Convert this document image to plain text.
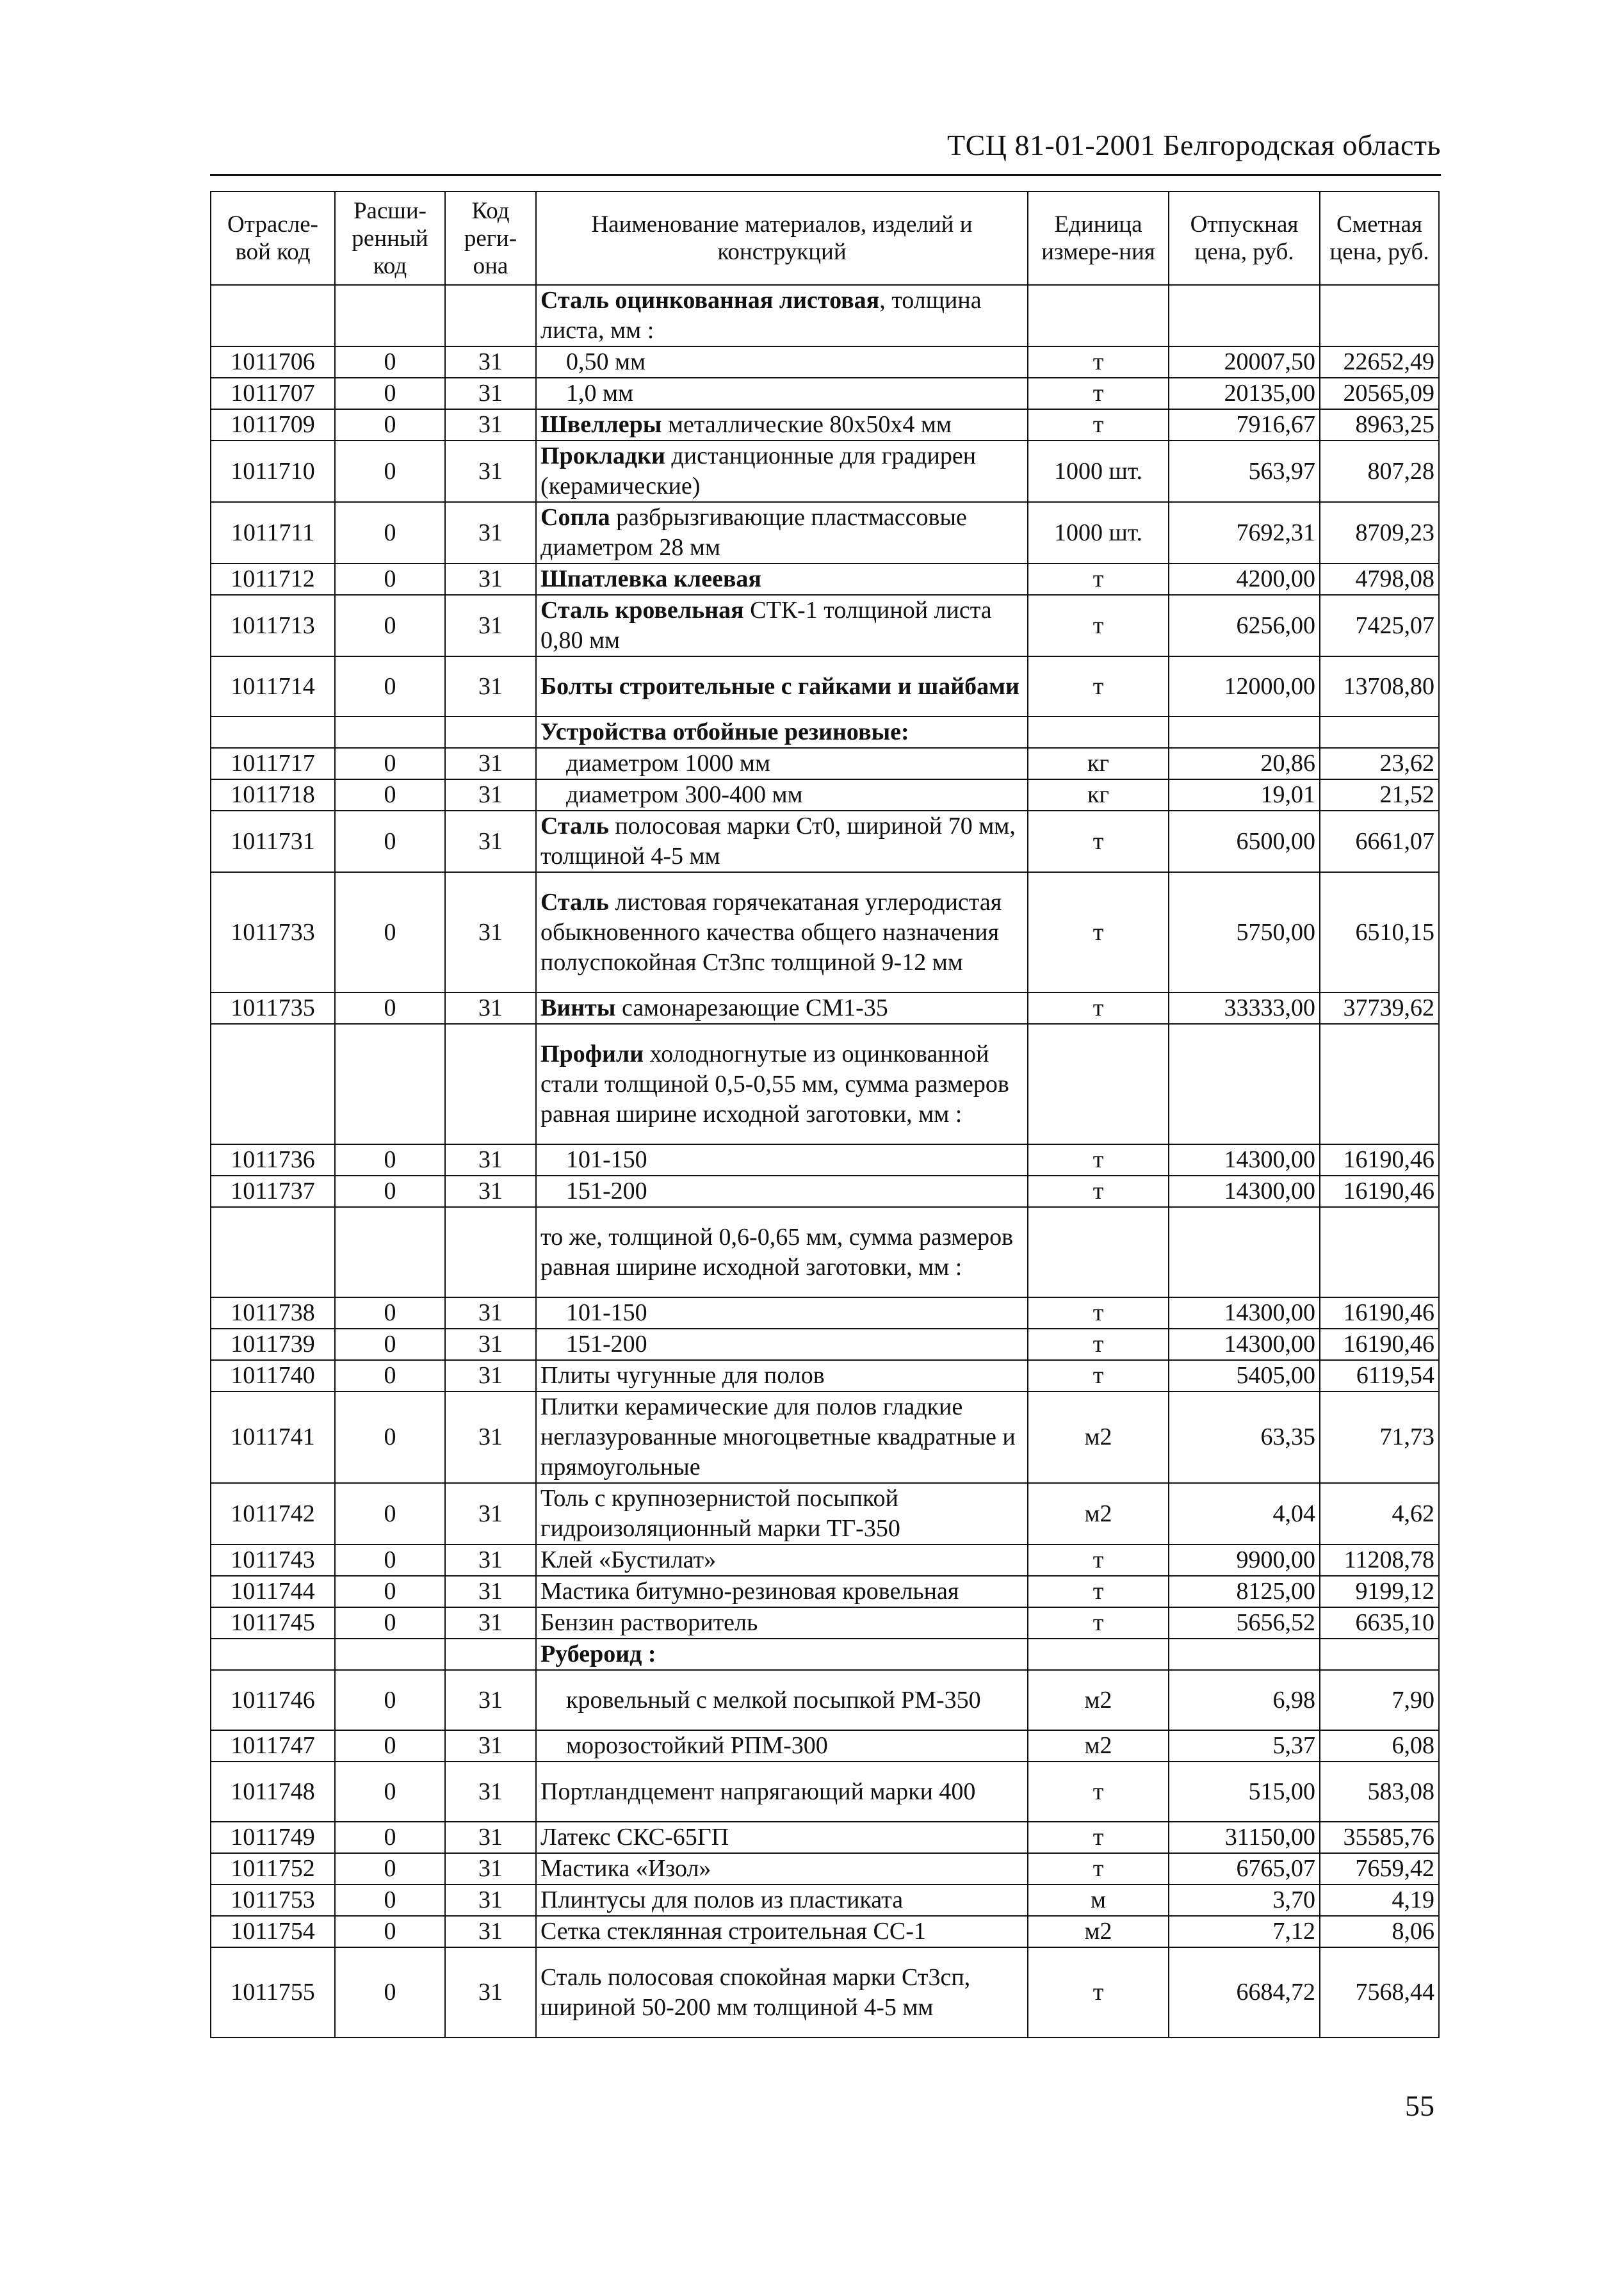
ТСЦ 81-01-2001 Белгородская область
Отрасле-вой код	Расши-ренный код	Код реги-она	Наименование материалов, изделий и конструкций	Единица измере-ния	Отпускная цена, руб.	Сметная цена, руб.
			Сталь оцинкованная листовая, толщина листа, мм :			
1011706	0	31	0,50 мм	т	20007,50	22652,49
1011707	0	31	1,0 мм	т	20135,00	20565,09
1011709	0	31	Швеллеры металлические 80х50х4 мм	т	7916,67	8963,25
1011710	0	31	Прокладки дистанционные для градирен (керамические)	1000 шт.	563,97	807,28
1011711	0	31	Сопла разбрызгивающие пластмассовые диаметром 28 мм	1000 шт.	7692,31	8709,23
1011712	0	31	Шпатлевка клеевая	т	4200,00	4798,08
1011713	0	31	Сталь кровельная СТК-1 толщиной листа 0,80 мм	т	6256,00	7425,07
1011714	0	31	Болты строительные с гайками и шайбами	т	12000,00	13708,80
			Устройства отбойные резиновые:			
1011717	0	31	диаметром 1000 мм	кг	20,86	23,62
1011718	0	31	диаметром 300-400 мм	кг	19,01	21,52
1011731	0	31	Сталь полосовая марки Ст0, шириной 70 мм, толщиной 4-5 мм	т	6500,00	6661,07
1011733	0	31	Сталь листовая горячекатаная углеродистая обыкновенного качества общего назначения полуспокойная Ст3пс толщиной 9-12 мм	т	5750,00	6510,15
1011735	0	31	Винты самонарезающие СМ1-35	т	33333,00	37739,62
			Профили холодногнутые из оцинкованной стали толщиной 0,5-0,55 мм, сумма размеров равная ширине исходной заготовки, мм :			
1011736	0	31	101-150	т	14300,00	16190,46
1011737	0	31	151-200	т	14300,00	16190,46
			то же, толщиной 0,6-0,65 мм, сумма размеров равная ширине исходной заготовки, мм :			
1011738	0	31	101-150	т	14300,00	16190,46
1011739	0	31	151-200	т	14300,00	16190,46
1011740	0	31	Плиты чугунные для полов	т	5405,00	6119,54
1011741	0	31	Плитки керамические для полов гладкие неглазурованные многоцветные квадратные и прямоугольные	м2	63,35	71,73
1011742	0	31	Толь с крупнозернистой посыпкой гидроизоляционный марки ТГ-350	м2	4,04	4,62
1011743	0	31	Клей «Бустилат»	т	9900,00	11208,78
1011744	0	31	Мастика битумно-резиновая кровельная	т	8125,00	9199,12
1011745	0	31	Бензин растворитель	т	5656,52	6635,10
			Рубероид :			
1011746	0	31	кровельный с мелкой посыпкой РМ-350	м2	6,98	7,90
1011747	0	31	морозостойкий РПМ-300	м2	5,37	6,08
1011748	0	31	Портландцемент напрягающий марки 400	т	515,00	583,08
1011749	0	31	Латекс СКС-65ГП	т	31150,00	35585,76
1011752	0	31	Мастика «Изол»	т	6765,07	7659,42
1011753	0	31	Плинтусы для полов из пластиката	м	3,70	4,19
1011754	0	31	Сетка стеклянная строительная СС-1	м2	7,12	8,06
1011755	0	31	Сталь полосовая спокойная марки Ст3сп, шириной 50-200 мм толщиной 4-5 мм	т	6684,72	7568,44
55
